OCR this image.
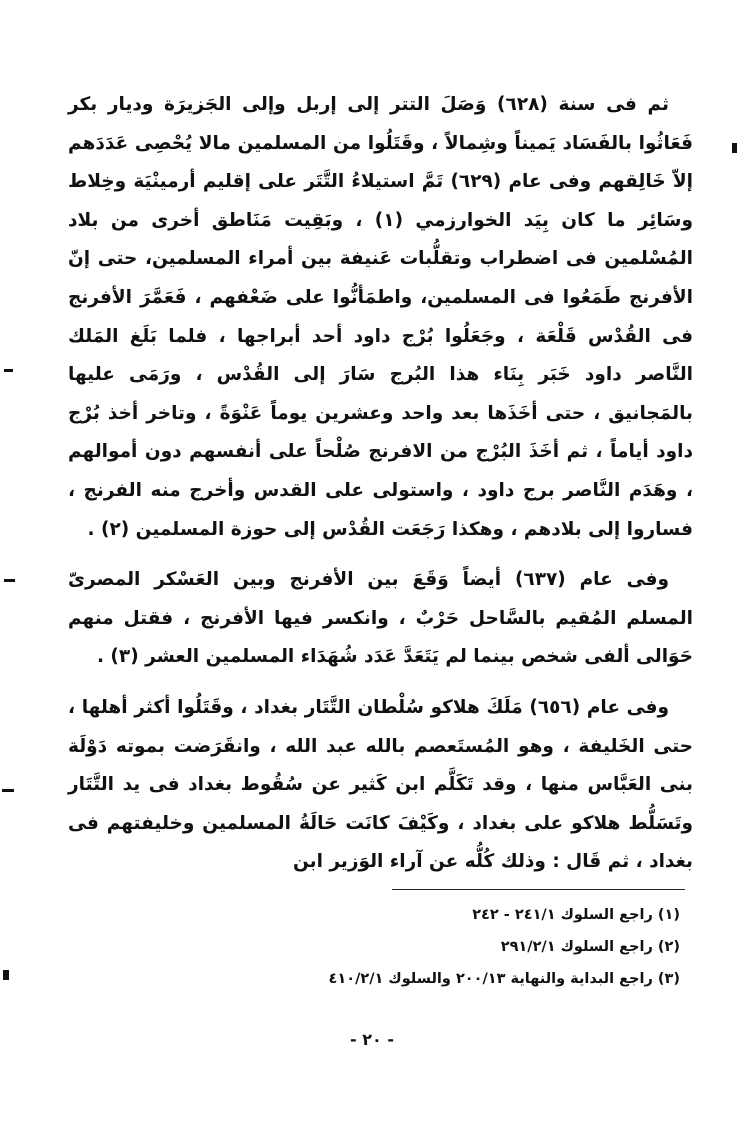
ثم فى سنة (٦٢٨) وَصَلَ التتر إلى إربل وإلى الجَزيرَة وديار بكر فَعَاثُوا بالفَسَاد يَميناً وشِمالاً ، وقَتَلُوا من المسلمين مالا يُحْصِى عَدَدَهم إلاّ خَالِقهم وفى عام (٦٢٩) تَمَّ استيلاءُ التَّتَر على إقليم أرمينْيَة وخِلاط وسَائِر ما كان بِيَد الخوارزمي (١) ، وبَقِيت مَنَاطق أخرى من بلاد المُسْلمين فى اضطراب وتقلُّبات عَنيفة بين أمراء المسلمين، حتى إنّ الأفرنج طَمَعُوا فى المسلمين، واطمَأنُّوا على ضَعْفهم ، فَعَمَّرَ الأفرنج فى القُدْس قَلْعَة ، وجَعَلُوا بُرْج داود أحد أبراجها ، فلما بَلَغ المَلك النَّاصر داود خَبَر بِنَاء هذا البُرج سَارَ إلى القُدْس ، ورَمَى عليها بالمَجانيق ، حتى أخَذَها بعد واحد وعشرين يوماً عَنْوَةً ، وتاخر أخذ بُرْج داود أياماً ، ثم أخَذَ البُرْج من الافرنج صُلْحاً على أنفسهم دون أموالهم ، وهَدَم النَّاصر برج داود ، واستولى على القدس وأخرج منه الفرنج ، فساروا إلى بلادهم ، وهكذا رَجَعَت القُدْس إلى حوزة المسلمين (٢) .

وفى عام (٦٣٧) أيضاً وَقَعَ بين الأفرنج وبين العَسْكر المصرىّ المسلم المُقيم بالسَّاحل حَرْبٌ ، وانكسر فيها الأفرنج ، فقتل منهم حَوَالى ألفى شخص بينما لم يَتَعَدَّ عَدَد شُهَدَاء المسلمين العشر (٣) .

وفى عام (٦٥٦) مَلَكَ هلاكو سُلْطان التَّتَار بغداد ، وقَتَلُوا أكثر أهلها ، حتى الخَليفة ، وهو المُستَعصم بالله عبد الله ، وانقَرَضت بموته دَوْلَة بنى العَبَّاس منها ، وقد تَكَلَّم ابن كَثير عن سُقُوط بغداد فى يد التَّتَار وتَسَلُّط هلاكو على بغداد ، وكَيْفَ كانَت حَالَةُ المسلمين وخليفتهم فى بغداد ، ثم قَال : وذلك كُلُّه عن آراء الوَزير ابن

(١) راجع السلوك ٢٤١/١ - ٢٤٢
(٢) راجع السلوك ٢٩١/٢/١
(٣) راجع البداية والنهاية ٢٠٠/١٣ والسلوك ٤١٠/٢/١
- ٢٠ -
